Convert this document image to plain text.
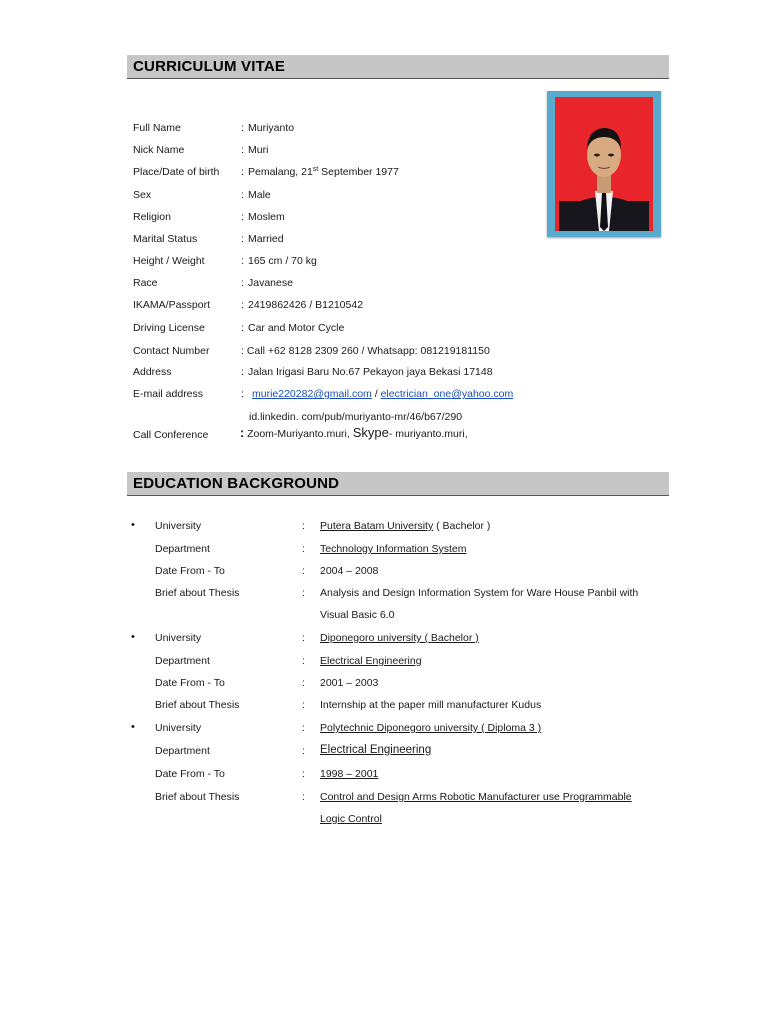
CURRICULUM VITAE
Full Name	: Muriyanto
Nick Name	: Muri
Place/Date of birth : Pemalang, 21st September 1977
Sex	: Male
Religion	: Moslem
Marital Status	: Married
Height / Weight	: 165 cm / 70 kg
Race	: Javanese
IKAMA/Passport	: 2419862426 / B1210542
Driving License	: Car and Motor Cycle
Contact Number	: Call +62 8128 2309 260 / Whatsapp: 081219181150
Address	: Jalan Irigasi Baru No.67 Pekayon jaya Bekasi 17148
E-mail address	: murie220282@gmail.com / electrician_one@yahoo.com
id.linkedin. com/pub/muriyanto-mr/46/b67/290
Call Conference	: Zoom-Muriyanto.muri, Skype- muriyanto.muri,
EDUCATION BACKGROUND
• University	: Putera Batam University ( Bachelor )
Department	: Technology Information System
Date From - To	: 2004 – 2008
Brief about Thesis	: Analysis and Design Information System for Ware House Panbil with
Visual Basic 6.0
• University	: Diponegoro university ( Bachelor )
Department	: Electrical Engineering
Date From - To	: 2001 – 2003
Brief about Thesis	: Internship at the paper mill manufacturer Kudus
• University	: Polytechnic Diponegoro university ( Diploma 3 )
Department	: Electrical Engineering
Date From - To	: 1998 – 2001
Brief about Thesis	: Control and Design Arms Robotic Manufacturer use Programmable
Logic Control
